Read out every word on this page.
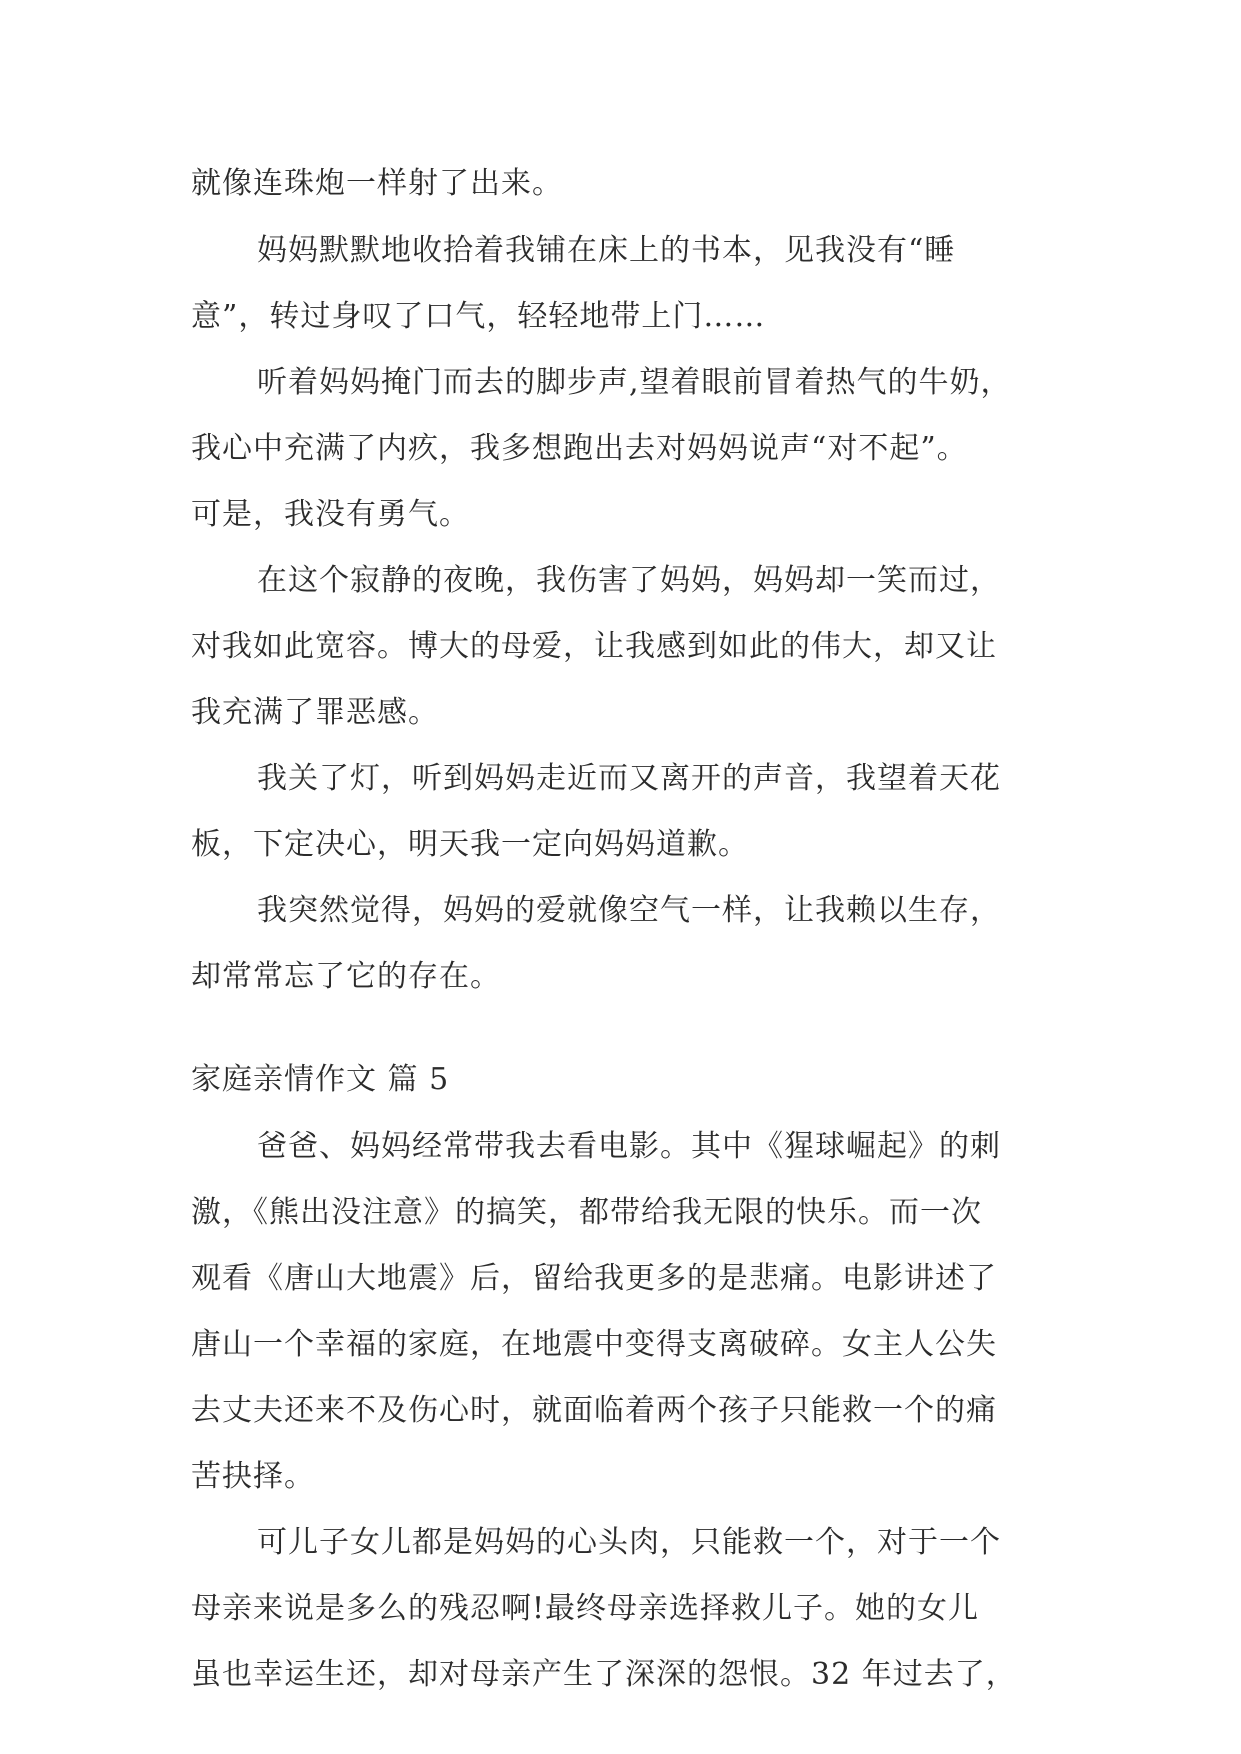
就像连珠炮一样射了出来。

妈妈默默地收拾着我铺在床上的书本，见我没有“睡

意”，转过身叹了口气，轻轻地带上门……

听着妈妈掩门而去的脚步声,望着眼前冒着热气的牛奶，

我心中充满了内疚，我多想跑出去对妈妈说声“对不起”。

可是，我没有勇气。

在这个寂静的夜晚，我伤害了妈妈，妈妈却一笑而过，

对我如此宽容。博大的母爱，让我感到如此的伟大，却又让

我充满了罪恶感。

我关了灯，听到妈妈走近而又离开的声音，我望着天花

板，下定决心，明天我一定向妈妈道歉。

我突然觉得，妈妈的爱就像空气一样，让我赖以生存，

却常常忘了它的存在。

家庭亲情作文 篇 5

爸爸、妈妈经常带我去看电影。其中《猩球崛起》的刺

激，《熊出没注意》的搞笑，都带给我无限的快乐。而一次

观看《唐山大地震》后，留给我更多的是悲痛。电影讲述了

唐山一个幸福的家庭，在地震中变得支离破碎。女主人公失

去丈夫还来不及伤心时，就面临着两个孩子只能救一个的痛

苦抉择。

可儿子女儿都是妈妈的心头肉，只能救一个，对于一个

母亲来说是多么的残忍啊!最终母亲选择救儿子。她的女儿

虽也幸运生还，却对母亲产生了深深的怨恨。32 年过去了，
